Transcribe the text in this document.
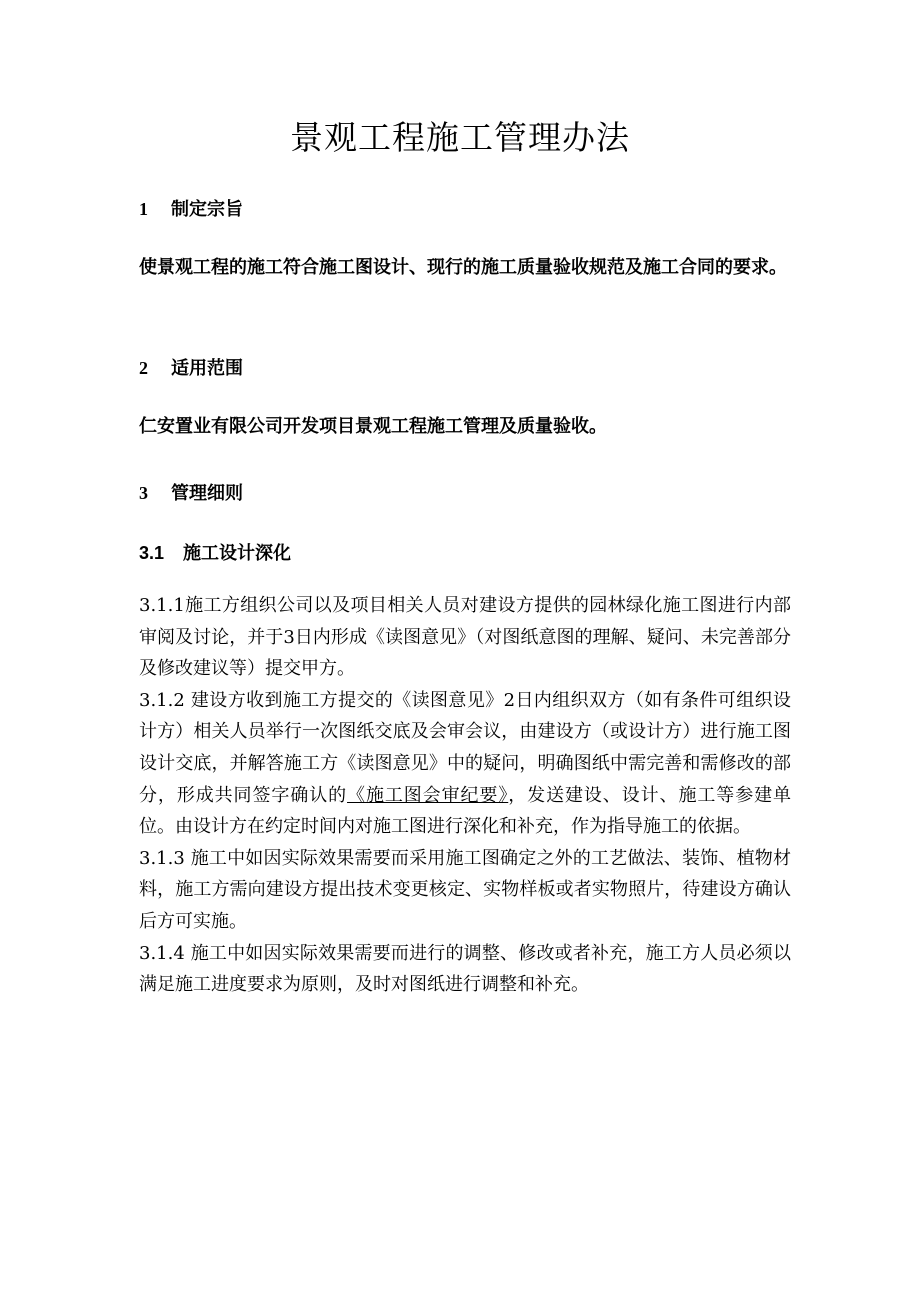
景观工程施工管理办法
1 制定宗旨

使景观工程的施工符合施工图设计、现行的施工质量验收规范及施工合同的要求。

2 适用范围

仁安置业有限公司开发项目景观工程施工管理及质量验收。

3 管理细则
3.1 施工设计深化

3.1.1施工方组织公司以及项目相关人员对建设方提供的园林绿化施工图进行内部审阅及讨论，并于3日内形成《读图意见》（对图纸意图的理解、疑问、未完善部分及修改建议等）提交甲方。

3.1.2 建设方收到施工方提交的《读图意见》2日内组织双方（如有条件可组织设计方）相关人员举行一次图纸交底及会审会议，由建设方（或设计方）进行施工图设计交底，并解答施工方《读图意见》中的疑问，明确图纸中需完善和需修改的部分，形成共同签字确认的《施工图会审纪要》，发送建设、设计、施工等参建单位。由设计方在约定时间内对施工图进行深化和补充，作为指导施工的依据。

3.1.3 施工中如因实际效果需要而采用施工图确定之外的工艺做法、装饰、植物材料，施工方需向建设方提出技术变更核定、实物样板或者实物照片，待建设方确认后方可实施。

3.1.4 施工中如因实际效果需要而进行的调整、修改或者补充，施工方人员必须以满足施工进度要求为原则，及时对图纸进行调整和补充。
